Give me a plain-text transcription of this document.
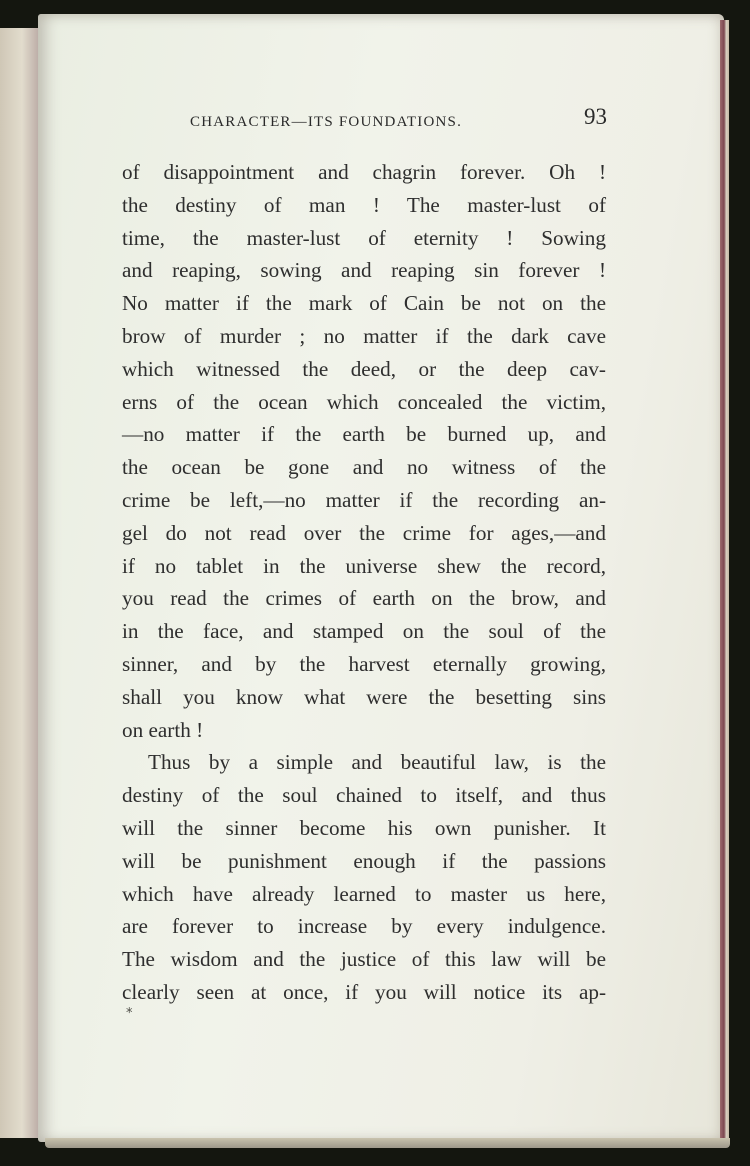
CHARACTER—ITS FOUNDATIONS.	93
of disappointment and chagrin forever. Oh !
the destiny of man ! The master-lust of
time, the master-lust of eternity ! Sowing
and reaping, sowing and reaping sin forever !
No matter if the mark of Cain be not on the
brow of murder ; no matter if the dark cave
which witnessed the deed, or the deep cav-
erns of the ocean which concealed the victim,
—no matter if the earth be burned up, and
the ocean be gone and no witness of the
crime be left,—no matter if the recording an-
gel do not read over the crime for ages,—and
if no tablet in the universe shew the record,
you read the crimes of earth on the brow, and
in the face, and stamped on the soul of the
sinner, and by the harvest eternally growing,
shall you know what were the besetting sins
on earth !
Thus by a simple and beautiful law, is the
destiny of the soul chained to itself, and thus
will the sinner become his own punisher. It
will be punishment enough if the passions
which have already learned to master us here,
are forever to increase by every indulgence.
The wisdom and the justice of this law will be
clearly seen at once, if you will notice its ap-
*
